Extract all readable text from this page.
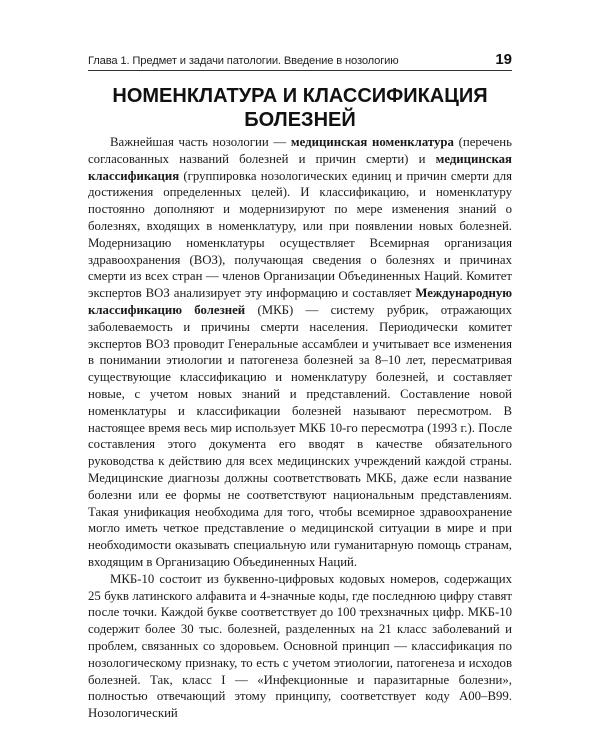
Глава 1. Предмет и задачи патологии. Введение в нозологию	19
НОМЕНКЛАТУРА И КЛАССИФИКАЦИЯ
БОЛЕЗНЕЙ

Важнейшая часть нозологии — медицинская номенклатура (перечень согласованных названий болезней и причин смерти) и медицинская классификация (группировка нозологических единиц и причин смерти для достижения определенных целей). И классификацию, и номенклатуру постоянно дополняют и модернизируют по мере изменения знаний о болезнях, входящих в номенклатуру, или при появлении новых болезней. Модернизацию номенклатуры осуществляет Всемирная организация здравоохранения (ВОЗ), получающая сведения о болезнях и причинах смерти из всех стран — членов Организации Объединенных Наций. Комитет экспертов ВОЗ анализирует эту информацию и составляет Международную классификацию болезней (МКБ) — систему рубрик, отражающих заболеваемость и причины смерти населения. Периодически комитет экспертов ВОЗ проводит Генеральные ассамблеи и учитывает все изменения в понимании этиологии и патогенеза болезней за 8–10 лет, пересматривая существующие классификацию и номенклатуру болезней, и составляет новые, с учетом новых знаний и представлений. Составление новой номенклатуры и классификации болезней называют пересмотром. В настоящее время весь мир использует МКБ 10-го пересмотра (1993 г.). После составления этого документа его вводят в качестве обязательного руководства к действию для всех медицинских учреждений каждой страны. Медицинские диагнозы должны соответствовать МКБ, даже если название болезни или ее формы не соответствуют национальным представлениям. Такая унификация необходима для того, чтобы всемирное здравоохранение могло иметь четкое представление о медицинской ситуации в мире и при необходимости оказывать специальную или гуманитарную помощь странам, входящим в Организацию Объединенных Наций.

МКБ-10 состоит из буквенно-цифровых кодовых номеров, содержащих 25 букв латинского алфавита и 4-значные коды, где последнюю цифру ставят после точки. Каждой букве соответствует до 100 трехзначных цифр. МКБ-10 содержит более 30 тыс. болезней, разделенных на 21 класс заболеваний и проблем, связанных со здоровьем. Основной принцип — классификация по нозологическому признаку, то есть с учетом этиологии, патогенеза и исходов болезней. Так, класс I — «Инфекционные и паразитарные болезни», полностью отвечающий этому принципу, соответствует коду А00–В99. Нозологический
